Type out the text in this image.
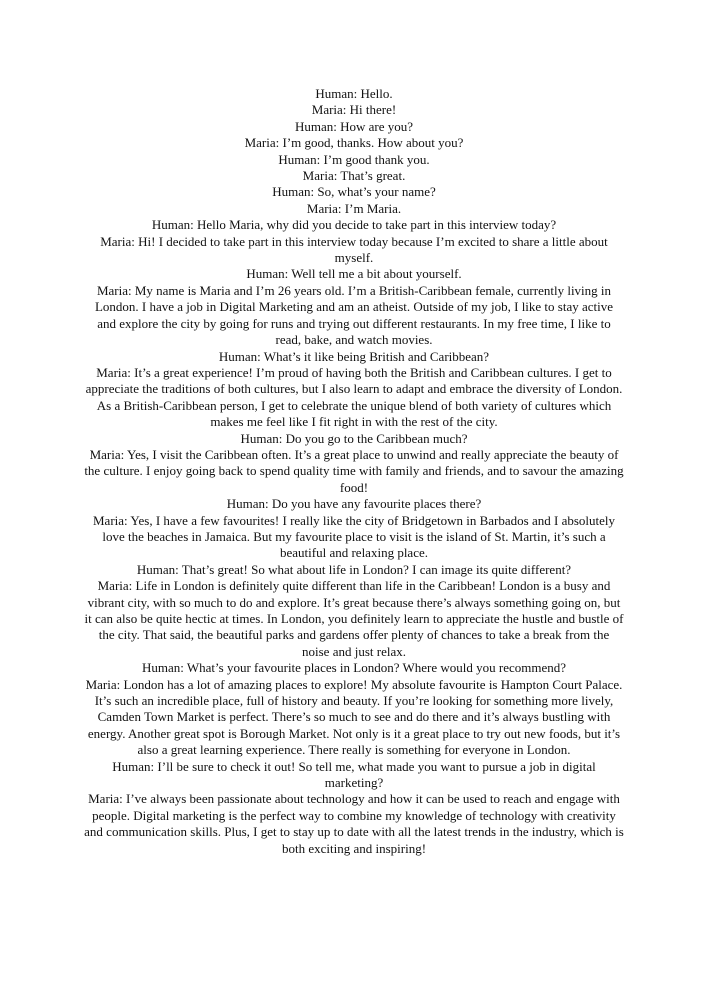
Human: Hello.

Maria: Hi there!

Human: How are you?

Maria: I’m good, thanks. How about you?

Human: I’m good thank you.

Maria: That’s great.

Human: So, what’s your name?

Maria: I’m Maria.

Human: Hello Maria, why did you decide to take part in this interview today?

Maria: Hi! I decided to take part in this interview today because I’m excited to share a little about myself.

Human: Well tell me a bit about yourself.

Maria: My name is Maria and I’m 26 years old. I’m a British-Caribbean female, currently living in London. I have a job in Digital Marketing and am an atheist. Outside of my job, I like to stay active and explore the city by going for runs and trying out different restaurants. In my free time, I like to read, bake, and watch movies.

Human: What’s it like being British and Caribbean?

Maria: It’s a great experience! I’m proud of having both the British and Caribbean cultures. I get to appreciate the traditions of both cultures, but I also learn to adapt and embrace the diversity of London. As a British-Caribbean person, I get to celebrate the unique blend of both variety of cultures which makes me feel like I fit right in with the rest of the city.

Human: Do you go to the Caribbean much?

Maria: Yes, I visit the Caribbean often. It’s a great place to unwind and really appreciate the beauty of the culture. I enjoy going back to spend quality time with family and friends, and to savour the amazing food!

Human: Do you have any favourite places there?

Maria: Yes, I have a few favourites! I really like the city of Bridgetown in Barbados and I absolutely love the beaches in Jamaica. But my favourite place to visit is the island of St. Martin, it’s such a beautiful and relaxing place.

Human: That’s great! So what about life in London? I can image its quite different?

Maria: Life in London is definitely quite different than life in the Caribbean! London is a busy and vibrant city, with so much to do and explore. It’s great because there’s always something going on, but it can also be quite hectic at times. In London, you definitely learn to appreciate the hustle and bustle of the city. That said, the beautiful parks and gardens offer plenty of chances to take a break from the noise and just relax.

Human: What’s your favourite places in London? Where would you recommend?

Maria: London has a lot of amazing places to explore! My absolute favourite is Hampton Court Palace. It’s such an incredible place, full of history and beauty. If you’re looking for something more lively, Camden Town Market is perfect. There’s so much to see and do there and it’s always bustling with energy. Another great spot is Borough Market. Not only is it a great place to try out new foods, but it’s also a great learning experience. There really is something for everyone in London.

Human: I’ll be sure to check it out! So tell me, what made you want to pursue a job in digital marketing?

Maria: I’ve always been passionate about technology and how it can be used to reach and engage with people. Digital marketing is the perfect way to combine my knowledge of technology with creativity and communication skills. Plus, I get to stay up to date with all the latest trends in the industry, which is both exciting and inspiring!
